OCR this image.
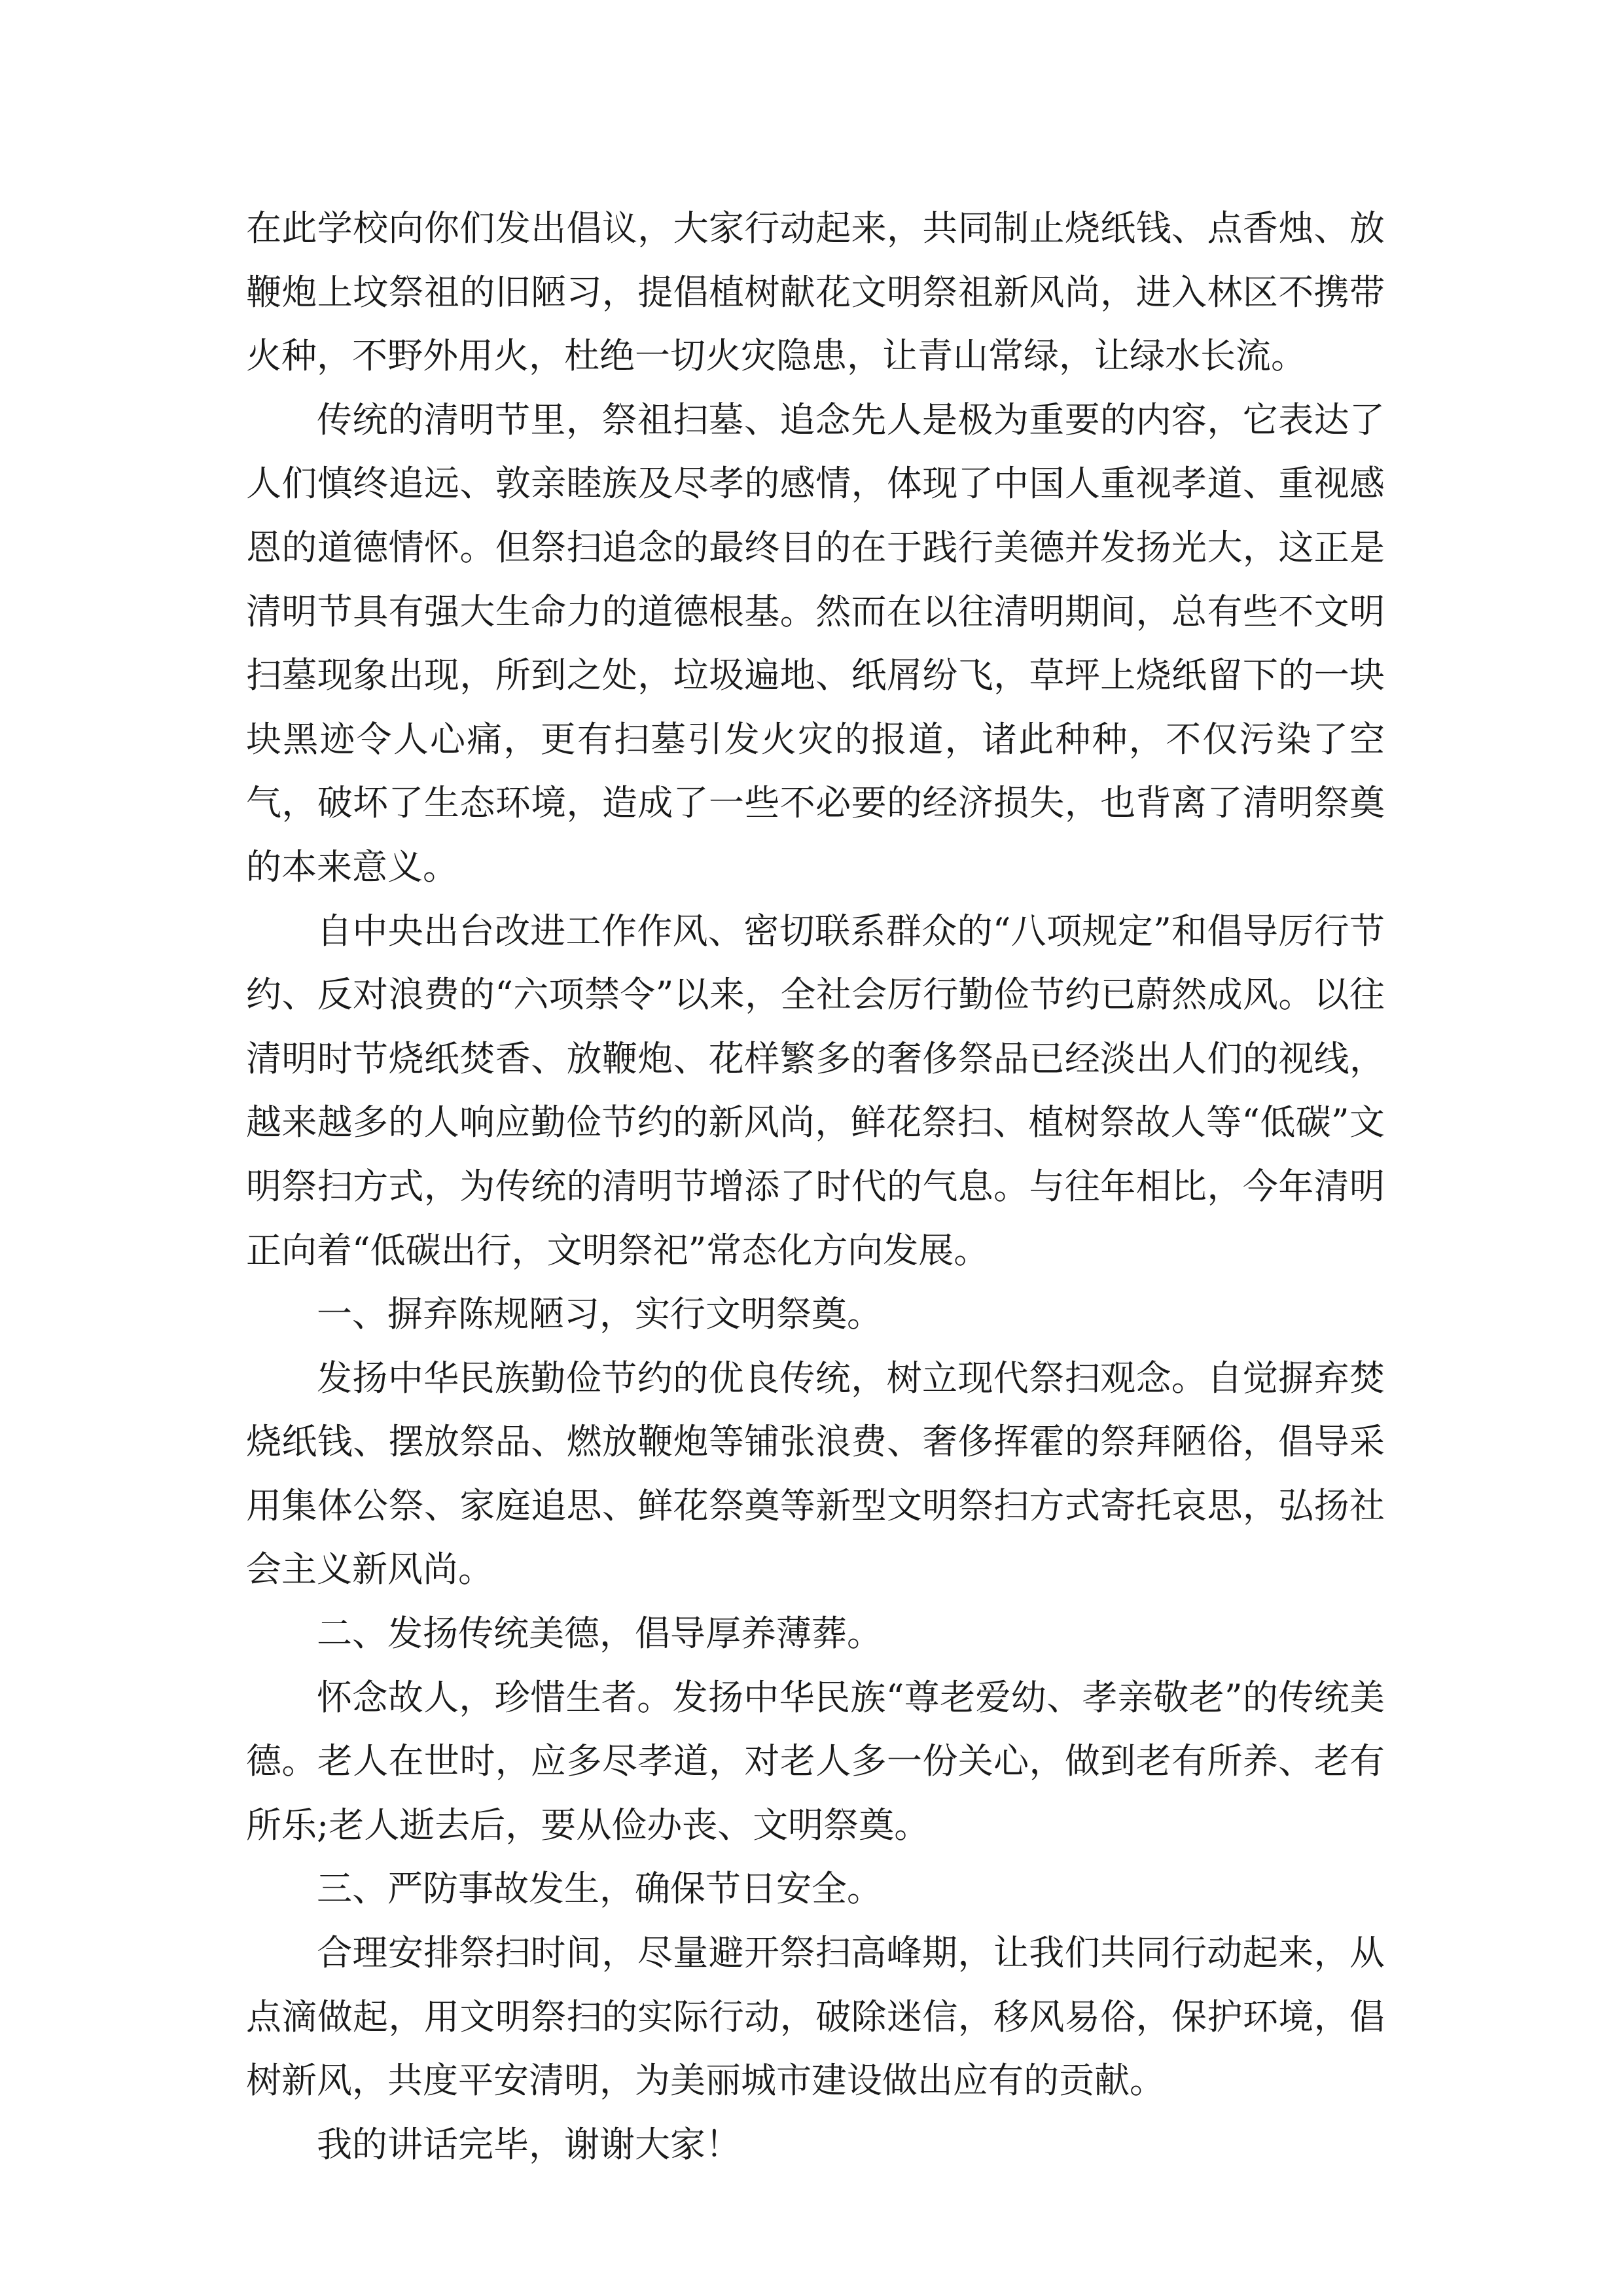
在此学校向你们发出倡议，大家行动起来，共同制止烧纸钱、点香烛、放鞭炮上坟祭祖的旧陋习，提倡植树献花文明祭祖新风尚，进入林区不携带火种，不野外用火，杜绝一切火灾隐患，让青山常绿，让绿水长流。

传统的清明节里，祭祖扫墓、追念先人是极为重要的内容，它表达了人们慎终追远、敦亲睦族及尽孝的感情，体现了中国人重视孝道、重视感恩的道德情怀。但祭扫追念的最终目的在于践行美德并发扬光大，这正是清明节具有强大生命力的道德根基。然而在以往清明期间，总有些不文明扫墓现象出现，所到之处，垃圾遍地、纸屑纷飞，草坪上烧纸留下的一块块黑迹令人心痛，更有扫墓引发火灾的报道，诸此种种，不仅污染了空气，破坏了生态环境，造成了一些不必要的经济损失，也背离了清明祭奠的本来意义。

自中央出台改进工作作风、密切联系群众的“八项规定”和倡导厉行节约、反对浪费的“六项禁令”以来，全社会厉行勤俭节约已蔚然成风。以往清明时节烧纸焚香、放鞭炮、花样繁多的奢侈祭品已经淡出人们的视线，越来越多的人响应勤俭节约的新风尚，鲜花祭扫、植树祭故人等“低碳”文明祭扫方式，为传统的清明节增添了时代的气息。与往年相比，今年清明正向着“低碳出行，文明祭祀”常态化方向发展。

一、摒弃陈规陋习，实行文明祭奠。

发扬中华民族勤俭节约的优良传统，树立现代祭扫观念。自觉摒弃焚烧纸钱、摆放祭品、燃放鞭炮等铺张浪费、奢侈挥霍的祭拜陋俗，倡导采用集体公祭、家庭追思、鲜花祭奠等新型文明祭扫方式寄托哀思，弘扬社会主义新风尚。

二、发扬传统美德，倡导厚养薄葬。

怀念故人，珍惜生者。发扬中华民族“尊老爱幼、孝亲敬老”的传统美德。老人在世时，应多尽孝道，对老人多一份关心，做到老有所养、老有所乐;老人逝去后，要从俭办丧、文明祭奠。

三、严防事故发生，确保节日安全。

合理安排祭扫时间，尽量避开祭扫高峰期，让我们共同行动起来，从点滴做起，用文明祭扫的实际行动，破除迷信，移风易俗，保护环境，倡树新风，共度平安清明，为美丽城市建设做出应有的贡献。

我的讲话完毕，谢谢大家！
